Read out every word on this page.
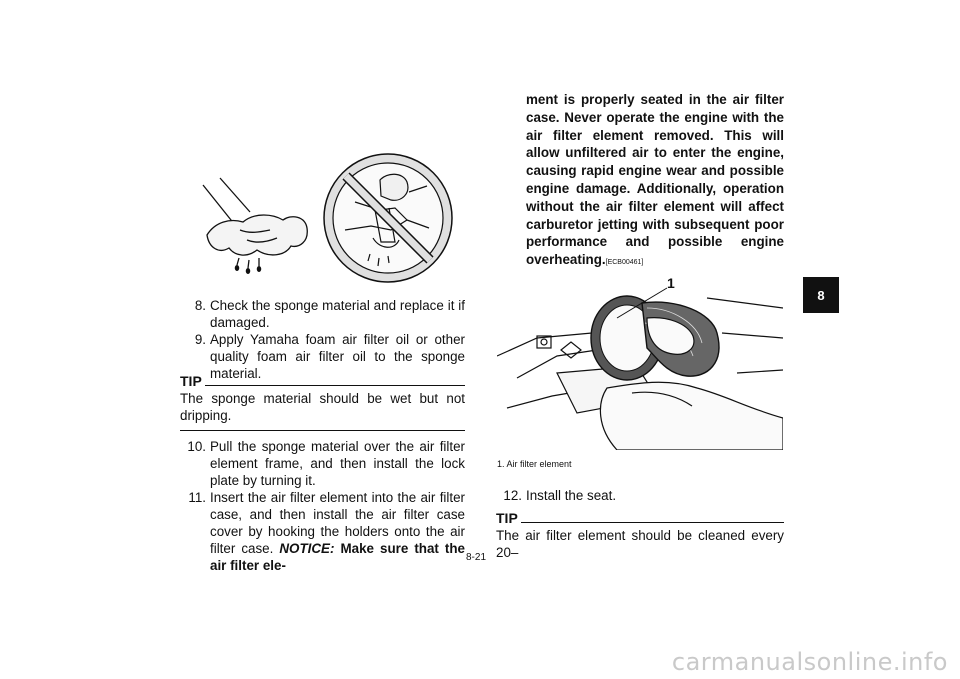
8. Check the sponge material and replace it if damaged.
9. Apply Yamaha foam air filter oil or other quality foam air filter oil to the sponge material.
TIP
The sponge material should be wet but not dripping.
10. Pull the sponge material over the air filter element frame, and then install the lock plate by turning it.
11. Insert the air filter element into the air filter case, and then install the air filter case cover by hooking the holders onto the air filter case. NOTICE: Make sure that the air filter ele-
ment is properly seated in the air filter case. Never operate the engine with the air filter element removed. This will allow unfiltered air to enter the engine, causing rapid engine wear and possible engine damage. Additionally, operation without the air filter element will affect carburetor jetting with subsequent poor performance and possible engine overheating.[ECB00461]
1
1. Air filter element
12. Install the seat.
TIP
The air filter element should be cleaned every 20–
8-21
8
carmanualsonline.info
